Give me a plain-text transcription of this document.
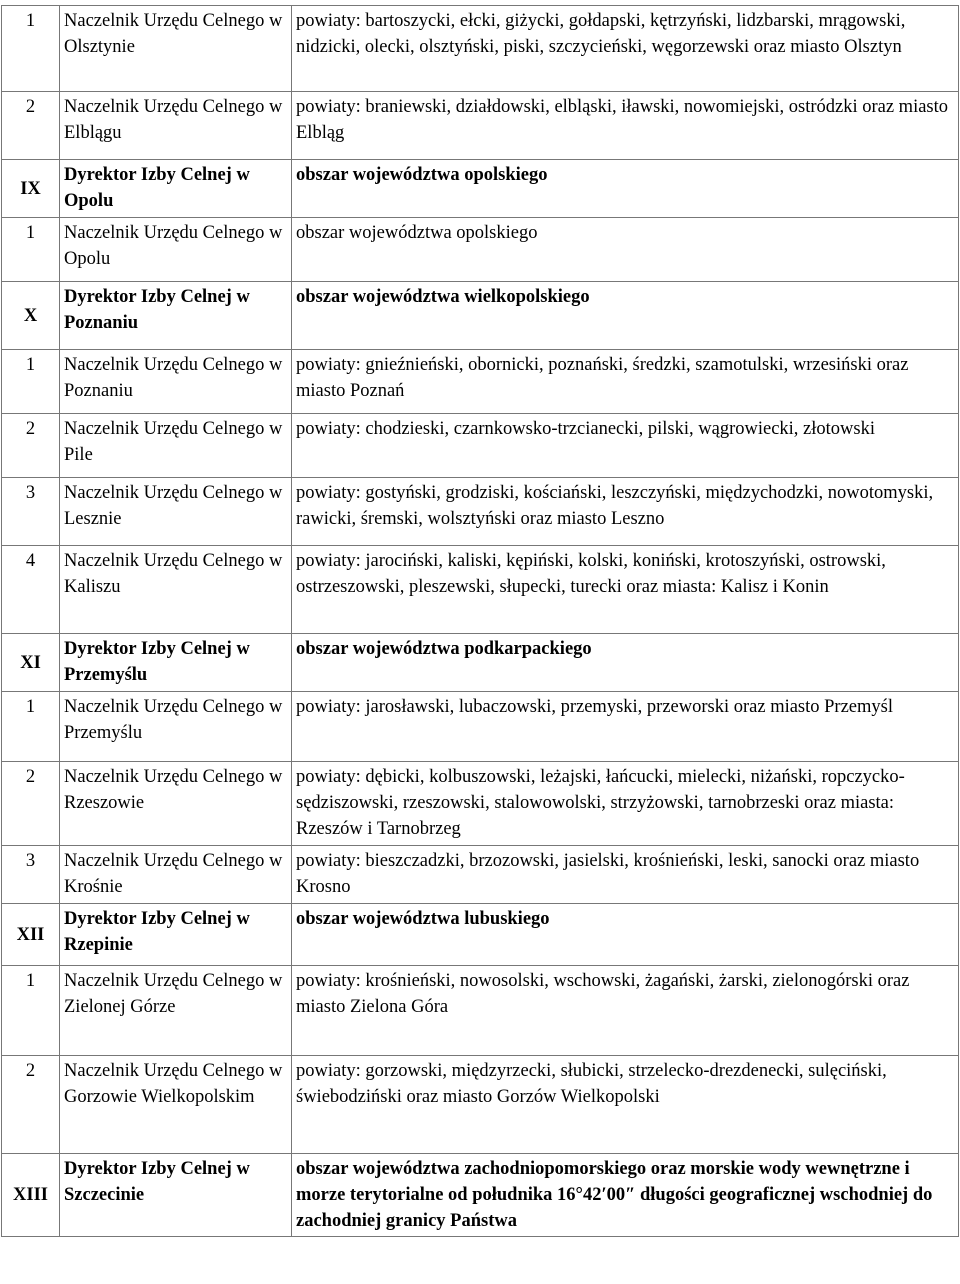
1	Naczelnik Urzędu Celnego w Olsztynie	powiaty: bartoszycki, ełcki, giżycki, gołdapski, kętrzyński, lidzbarski, mrągowski, nidzicki, olecki, olsztyński, piski, szczycieński, węgorzewski oraz miasto Olsztyn
2	Naczelnik Urzędu Celnego w Elblągu	powiaty: braniewski, działdowski, elbląski, iławski, nowomiejski, ostródzki oraz miasto Elbląg
IX	Dyrektor Izby Celnej w Opolu	obszar województwa opolskiego
1	Naczelnik Urzędu Celnego w Opolu	obszar województwa opolskiego
X	Dyrektor Izby Celnej w Poznaniu	obszar województwa wielkopolskiego
1	Naczelnik Urzędu Celnego w Poznaniu	powiaty: gnieźnieński, obornicki, poznański, średzki, szamotulski, wrzesiński oraz miasto Poznań
2	Naczelnik Urzędu Celnego w Pile	powiaty: chodzieski, czarnkowsko-trzcianecki, pilski, wągrowiecki, złotowski
3	Naczelnik Urzędu Celnego w Lesznie	powiaty: gostyński, grodziski, kościański, leszczyński, międzychodzki, nowotomyski, rawicki, śremski, wolsztyński oraz miasto Leszno
4	Naczelnik Urzędu Celnego w Kaliszu	powiaty: jarociński, kaliski, kępiński, kolski, koniński, krotoszyński, ostrowski, ostrzeszowski, pleszewski, słupecki, turecki oraz miasta: Kalisz i Konin
XI	Dyrektor Izby Celnej w Przemyślu	obszar województwa podkarpackiego
1	Naczelnik Urzędu Celnego w Przemyślu	powiaty: jarosławski, lubaczowski, przemyski, przeworski oraz miasto Przemyśl
2	Naczelnik Urzędu Celnego w Rzeszowie	powiaty: dębicki, kolbuszowski, leżajski, łańcucki, mielecki, niżański, ropczycko-sędziszowski, rzeszowski, stalowowolski, strzyżowski, tarnobrzeski oraz miasta: Rzeszów i Tarnobrzeg
3	Naczelnik Urzędu Celnego w Krośnie	powiaty: bieszczadzki, brzozowski, jasielski, krośnieński, leski, sanocki oraz miasto Krosno
XII	Dyrektor Izby Celnej w Rzepinie	obszar województwa lubuskiego
1	Naczelnik Urzędu Celnego w Zielonej Górze	powiaty: krośnieński, nowosolski, wschowski, żagański, żarski, zielonogórski oraz miasto Zielona Góra
2	Naczelnik Urzędu Celnego w Gorzowie Wielkopolskim	powiaty: gorzowski, międzyrzecki, słubicki, strzelecko-drezdenecki, sulęciński, świebodziński oraz miasto Gorzów Wielkopolski
XIII	Dyrektor Izby Celnej w Szczecinie	obszar województwa zachodniopomorskiego oraz morskie wody wewnętrzne i morze terytorialne od południka 16°42′00″ długości geograficznej wschodniej do zachodniej granicy Państwa
